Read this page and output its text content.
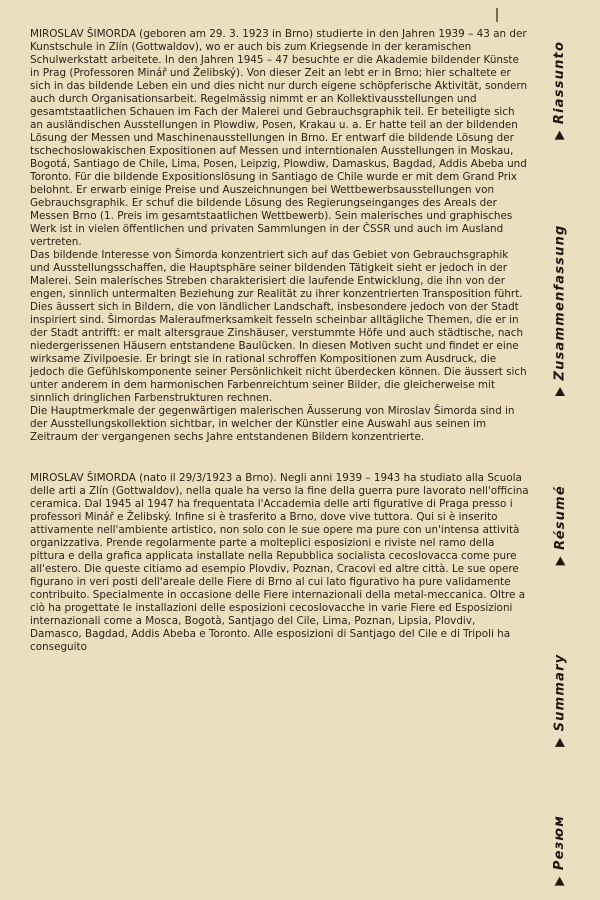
MIROSLAV ŠIMORDA (geboren am 29. 3. 1923 in Brno) studierte in den Jahren 1939 – 43 an der Kunstschule in Zlín (Gottwaldov), wo er auch bis zum Kriegsende in der keramischen Schulwerkstatt arbeitete. In den Jahren 1945 – 47 besuchte er die Akademie bildender Künste in Prag (Professoren Minář und Želibský). Von dieser Zeit an lebt er in Brno; hier schaltete er sich in das bildende Leben ein und dies nicht nur durch eigene schöpferische Aktivität, sondern auch durch Organisationsarbeit. Regelmässig nimmt er an Kollektivausstellungen und gesamtstaatlichen Schauen im Fach der Malerei und Gebrauchsgraphik teil. Er beteiligte sich an ausländischen Ausstellungen in Plowdiw, Posen, Krakau u. a. Er hatte teil an der bildenden Lösung der Messen und Maschinenausstellungen in Brno. Er entwarf die bildende Lösung der tschechoslowakischen Expositionen auf Messen und interntionalen Ausstellungen in Moskau, Bogotá, Santiago de Chile, Lima, Posen, Leipzig, Plowdiw, Damaskus, Bagdad, Addis Abeba und Toronto. Für die bildende Expositionslösung in Santiago de Chile wurde er mit dem Grand Prix belohnt. Er erwarb einige Preise und Auszeichnungen bei Wettbewerbsausstellungen von Gebrauchsgraphik. Er schuf die bildende Lösung des Regierungseinganges des Areals der Messen Brno (1. Preis im gesamtstaatlichen Wettbewerb). Sein malerisches und graphisches Werk ist in vielen öffentlichen und privaten Sammlungen in der ČSSR und auch im Ausland vertreten.

Das bildende Interesse von Šimorda konzentriert sich auf das Gebiet von Gebrauchsgraphik und Ausstellungsschaffen, die Hauptsphäre seiner bildenden Tätigkeit sieht er jedoch in der Malerei. Sein malerisches Streben charakterisiert die laufende Entwicklung, die ihn von der engen, sinnlich untermalten Beziehung zur Realität zu ihrer konzentrierten Transposition führt. Dies äussert sich in Bildern, die von ländlicher Landschaft, insbesondere jedoch von der Stadt inspiriert sind. Šimordas Maleraufmerksamkeit fesseln scheinbar alltägliche Themen, die er in der Stadt antrifft: er malt altersgraue Zinshäuser, verstummte Höfe und auch städtische, nach niedergerissenen Häusern entstandene Baulücken. In diesen Motiven sucht und findet er eine wirksame Zivilpoesie. Er bringt sie in rational schroffen Kompositionen zum Ausdruck, die jedoch die Gefühlskomponente seiner Persönlichkeit nicht überdecken können. Die äussert sich unter anderem in dem harmonischen Farbenreichtum seiner Bilder, die gleicherweise mit sinnlich dringlichen Farbenstrukturen rechnen.

Die Hauptmerkmale der gegenwärtigen malerischen Äusserung von Miroslav Šimorda sind in der Ausstellungskollektion sichtbar, in welcher der Künstler eine Auswahl aus seinen im Zeitraum der vergangenen sechs Jahre entstandenen Bildern konzentrierte.

MIROSLAV ŠIMORDA (nato il 29/3/1923 a Brno). Negli anni 1939 – 1943 ha studiato alla Scuola delle arti a Zlín (Gottwaldov), nella quale ha verso la fine della guerra pure lavorato nell'officina ceramica. Dal 1945 al 1947 ha frequentata l'Accademia delle arti figurative di Praga presso i professori Minář e Želibský. Infine si è trasferito a Brno, dove vive tuttora. Qui si è inserito attivamente nell'ambiente artistico, non solo con le sue opere ma pure con un'intensa attività organizzativa. Prende regolarmente parte a molteplici esposizioni e riviste nel ramo della pittura e della grafica applicata installate nella Repubblica socialista cecoslovacca come pure all'estero. Die queste citiamo ad esempio Plovdiv, Poznan, Cracovi ed altre città. Le sue opere figurano in veri posti dell'areale delle Fiere di Brno al cui lato figurativo ha pure validamente contribuito. Specialmente in occasione delle Fiere internazionali della metal-meccanica. Oltre a ciò ha progettate le installazioni delle esposizioni cecoslovacche in varie Fiere ed Esposizioni internazionali come a Mosca, Bogotà, Santjago del Cile, Lima, Poznan, Lipsia, Plovdiv, Damasco, Bagdad, Addis Abeba e Toronto. Alle esposizioni di Santjago del Cile e di Tripoli ha conseguito

Riassunto
Zusammenfassung
Résumé
Summary
Резюм
